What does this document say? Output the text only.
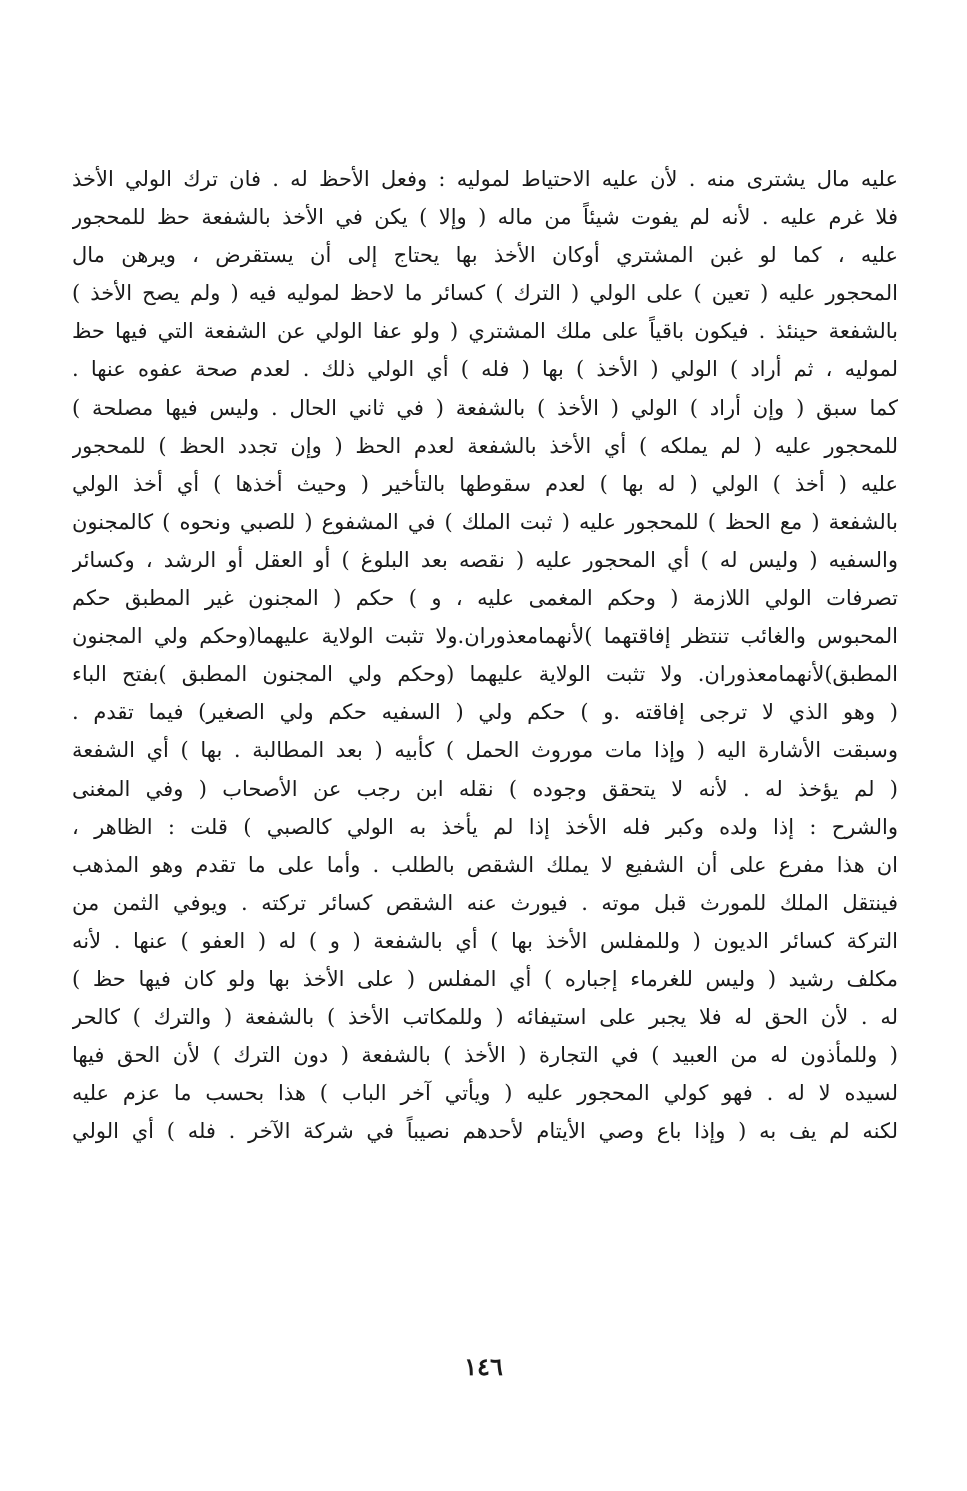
عليه مال يشترى منه . لأن عليه الاحتياط لموليه : وفعل الأحظ له . فان ترك الولي الأخذ
فلا غرم عليه . لأنه لم يفوت شيئاً من ماله ( وإلا ) يكن في الأخذ بالشفعة حظ للمحجور
عليه ، كما لو غبن المشتري أوكان الأخذ بها يحتاج إلى أن يستقرض ، ويرهن مال
المحجور عليه ( تعين ) على الولي ( الترك ) كسائر ما لاحظ لموليه فيه ( ولم يصح الأخذ )
بالشفعة حينئذ . فيكون باقياً على ملك المشتري ( ولو عفا الولي عن الشفعة التي فيها حظ
لموليه ، ثم أراد ) الولي ( الأخذ ) بها ( فله ) أي الولي ذلك . لعدم صحة عفوه عنها .
كما سبق ( وإن أراد ) الولي ( الأخذ ) بالشفعة ( في ثاني الحال . وليس فيها مصلحة )
للمحجور عليه ( لم يملكه ) أي الأخذ بالشفعة لعدم الحظ ( وإن تجدد الحظ ) للمحجور
عليه ( أخذ ) الولي ( له بها ) لعدم سقوطها بالتأخير ( وحيث أخذها ) أي أخذ الولي
بالشفعة ( مع الحظ ) للمحجور عليه ( ثبت الملك ) في المشفوع ( للصبي ونحوه ) كالمجنون
والسفيه ( وليس له ) أي المحجور عليه ( نقصه بعد البلوغ ) أو العقل أو الرشد ، وكسائر
تصرفات الولي اللازمة ( وحكم المغمى عليه ، و ) حكم ( المجنون غير المطبق حكم
المحبوس والغائب تنتظر إفاقتهما )لأنهمامعذوران.ولا تثبت الولاية عليهما(وحكم ولي المجنون
المطبق)لأنهمامعذوران. ولا تثبت الولاية عليهما (وحكم ولي المجنون المطبق )بفتح الباء
( وهو الذي لا ترجى إفاقته .و ) حكم ولي ( السفيه حكم ولي الصغير) فيما تقدم .
وسبقت الأشارة اليه ( وإذا مات موروث الحمل ) كأبيه ( بعد المطالبة . بها ) أي الشفعة
( لم يؤخذ له . لأنه لا يتحقق وجوده ) نقله ابن رجب عن الأصحاب ( وفي المغنى
والشرح : إذا ولده وكبر فله الأخذ إذا لم يأخذ به الولي كالصبي ) قلت : الظاهر ،
ان هذا مفرع على أن الشفيع لا يملك الشقص بالطلب . وأما على ما تقدم وهو المذهب
فينتقل الملك للمورث قبل موته . فيورث عنه الشقص كسائر تركته . ويوفي الثمن من
التركة كسائر الديون ( وللمفلس الأخذ بها ) أي بالشفعة ( و ) له ( العفو ) عنها . لأنه
مكلف رشيد ( وليس للغرماء إجباره ) أي المفلس ( على الأخذ بها ولو كان فيها حظ )
له . لأن الحق له فلا يجبر على استيفائه ( وللمكاتب الأخذ ) بالشفعة ( والترك ) كالحر
( وللمأذون له من العبيد ) في التجارة ( الأخذ ) بالشفعة ( دون الترك ) لأن الحق فيها
لسيده لا له . فهو كولي المحجور عليه ( ويأتي آخر الباب ) هذا بحسب ما عزم عليه
لكنه لم يف به ( وإذا باع وصي الأيتام لأحدهم نصيباً في شركة الآخر . فله ) أي الولي
١٤٦
